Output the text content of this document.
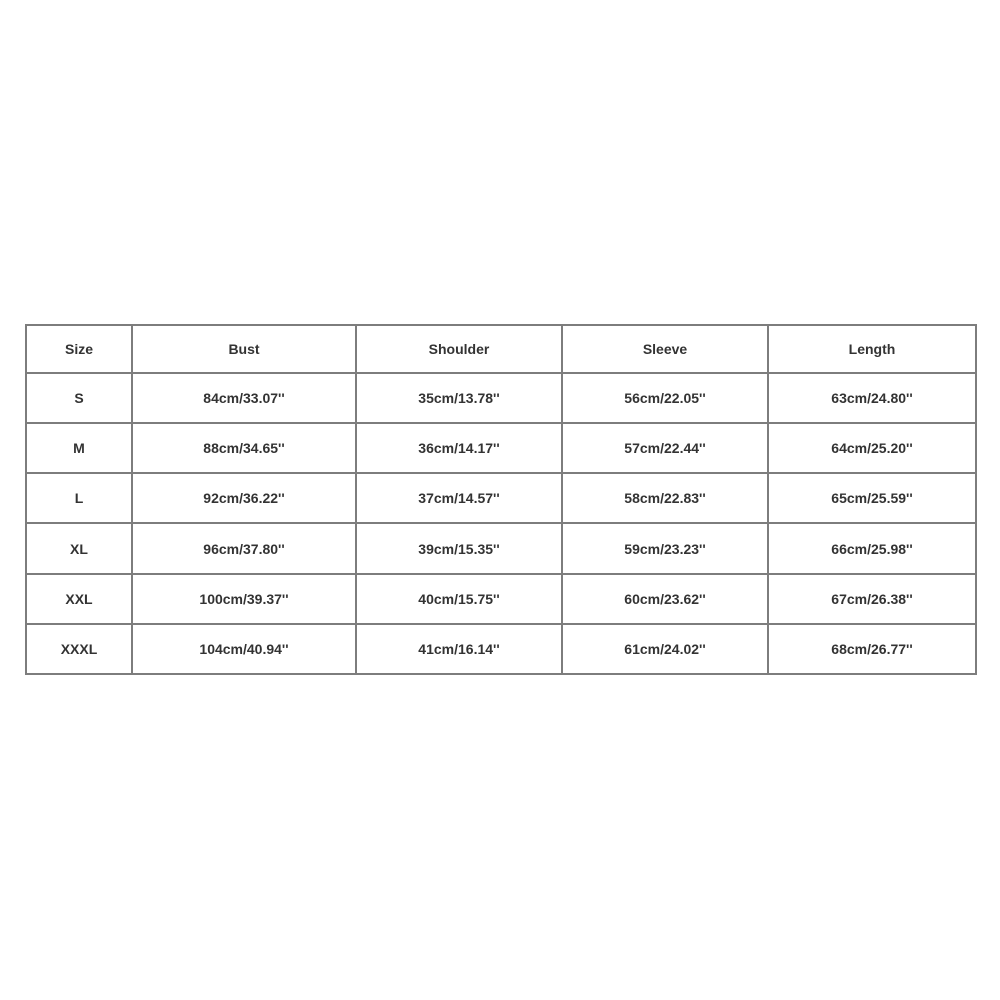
Size	Bust	Shoulder	Sleeve	Length
S	84cm/33.07''	35cm/13.78''	56cm/22.05''	63cm/24.80''
M	88cm/34.65''	36cm/14.17''	57cm/22.44''	64cm/25.20''
L	92cm/36.22''	37cm/14.57''	58cm/22.83''	65cm/25.59''
XL	96cm/37.80''	39cm/15.35''	59cm/23.23''	66cm/25.98''
XXL	100cm/39.37''	40cm/15.75''	60cm/23.62''	67cm/26.38''
XXXL	104cm/40.94''	41cm/16.14''	61cm/24.02''	68cm/26.77''
